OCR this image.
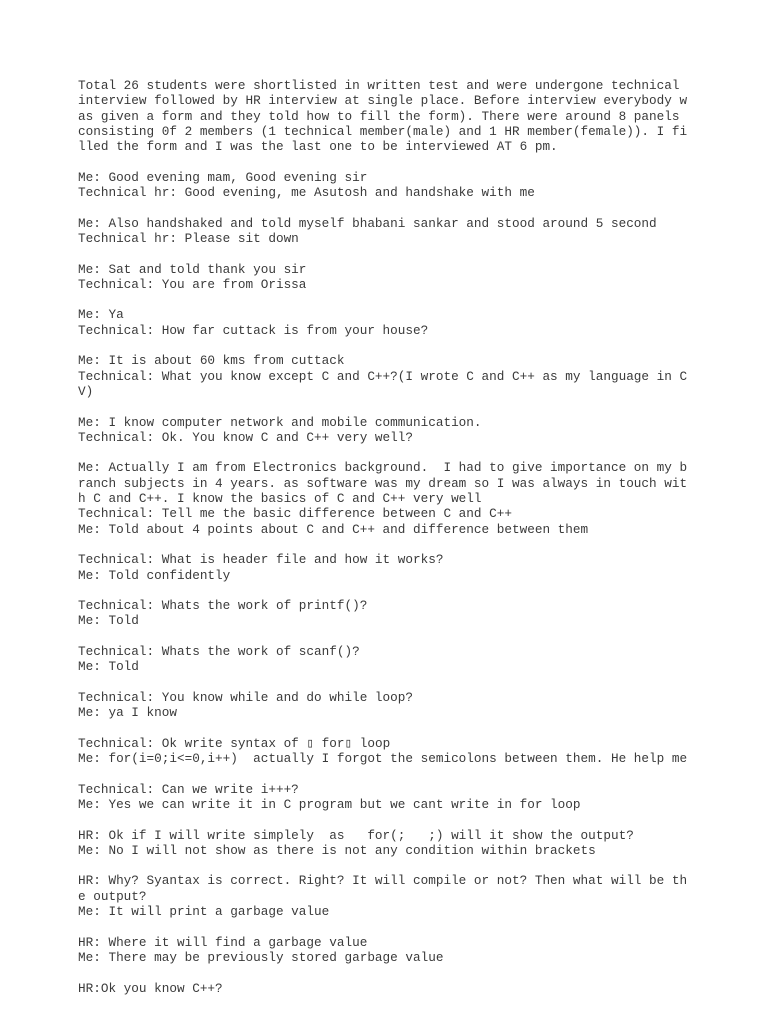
Total 26 students were shortlisted in written test and were undergone technical
interview followed by HR interview at single place. Before interview everybody w
as given a form and they told how to fill the form). There were around 8 panels
consisting 0f 2 members (1 technical member(male) and 1 HR member(female)). I fi
lled the form and I was the last one to be interviewed AT 6 pm.
Me: Good evening mam, Good evening sir
Technical hr: Good evening, me Asutosh and handshake with me
Me: Also handshaked and told myself bhabani sankar and stood around 5 second
Technical hr: Please sit down
Me: Sat and told thank you sir
Technical: You are from Orissa
Me: Ya
Technical: How far cuttack is from your house?
Me: It is about 60 kms from cuttack
Technical: What you know except C and C++?(I wrote C and C++ as my language in C
V)
Me: I know computer network and mobile communication.
Technical: Ok. You know C and C++ very well?
Me: Actually I am from Electronics background.  I had to give importance on my b
ranch subjects in 4 years. as software was my dream so I was always in touch wit
h C and C++. I know the basics of C and C++ very well
Technical: Tell me the basic difference between C and C++
Me: Told about 4 points about C and C++ and difference between them
Technical: What is header file and how it works?
Me: Told confidently
Technical: Whats the work of printf()?
Me: Told
Technical: Whats the work of scanf()?
Me: Told
Technical: You know while and do while loop?
Me: ya I know
Technical: Ok write syntax of ▯ for▯ loop
Me: for(i=0;i<=0,i++)  actually I forgot the semicolons between them. He help me
Technical: Can we write i+++?
Me: Yes we can write it in C program but we cant write in for loop
HR: Ok if I will write simplely  as   for(;   ;) will it show the output?
Me: No I will not show as there is not any condition within brackets
HR: Why? Syantax is correct. Right? It will compile or not? Then what will be th
e output?
Me: It will print a garbage value
HR: Where it will find a garbage value
Me: There may be previously stored garbage value
HR:Ok you know C++?
